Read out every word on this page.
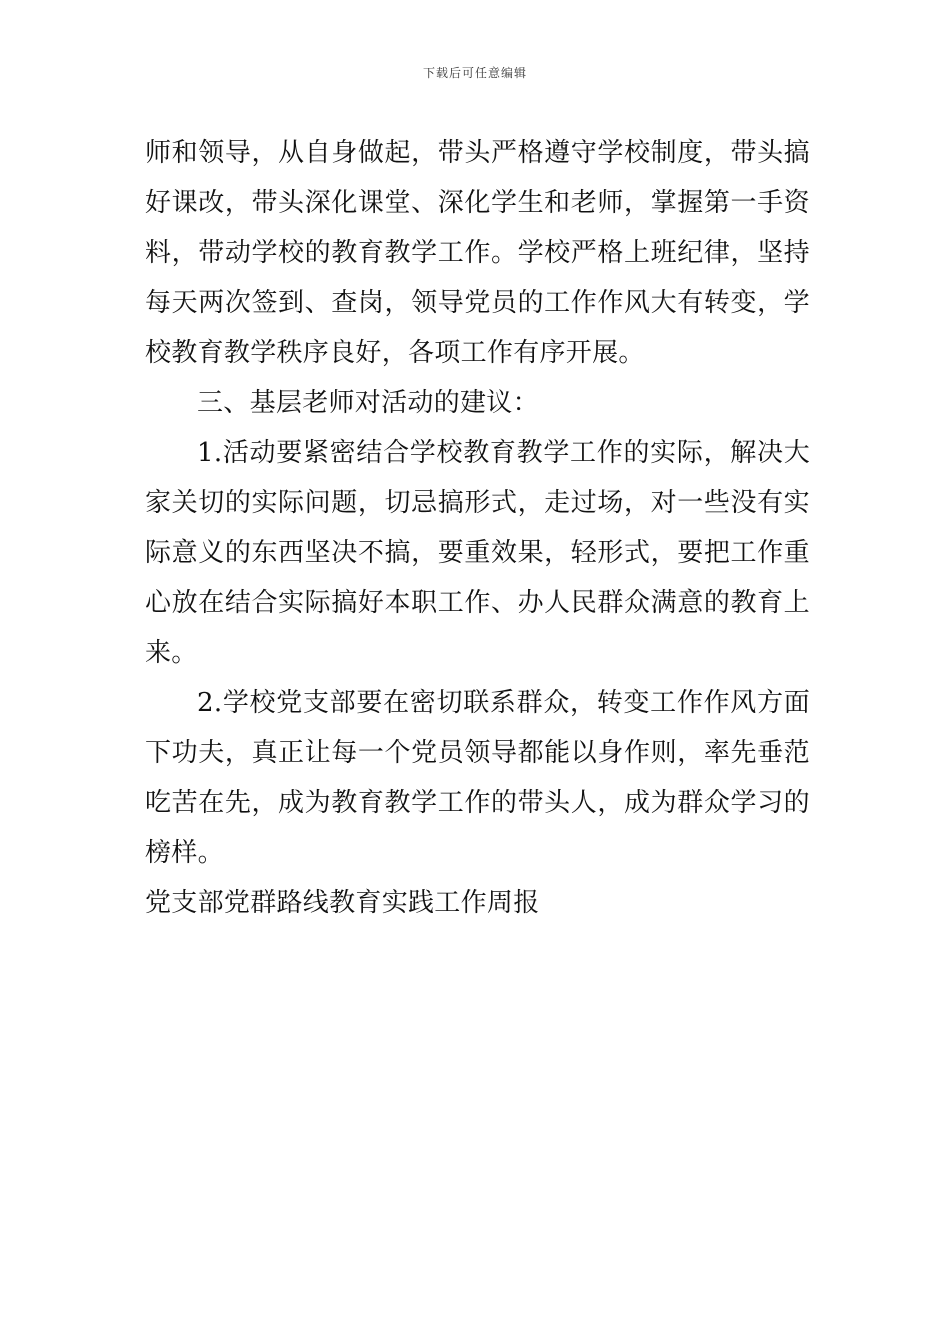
下载后可任意编辑

师和领导，从自身做起，带头严格遵守学校制度，带头搞好课改，带头深化课堂、深化学生和老师，掌握第一手资料，带动学校的教育教学工作。学校严格上班纪律，坚持每天两次签到、查岗，领导党员的工作作风大有转变，学校教育教学秩序良好，各项工作有序开展。

三、基层老师对活动的建议：

1.活动要紧密结合学校教育教学工作的实际，解决大家关切的实际问题，切忌搞形式，走过场，对一些没有实际意义的东西坚决不搞，要重效果，轻形式，要把工作重心放在结合实际搞好本职工作、办人民群众满意的教育上来。

2.学校党支部要在密切联系群众，转变工作作风方面下功夫，真正让每一个党员领导都能以身作则，率先垂范吃苦在先，成为教育教学工作的带头人，成为群众学习的榜样。

党支部党群路线教育实践工作周报
